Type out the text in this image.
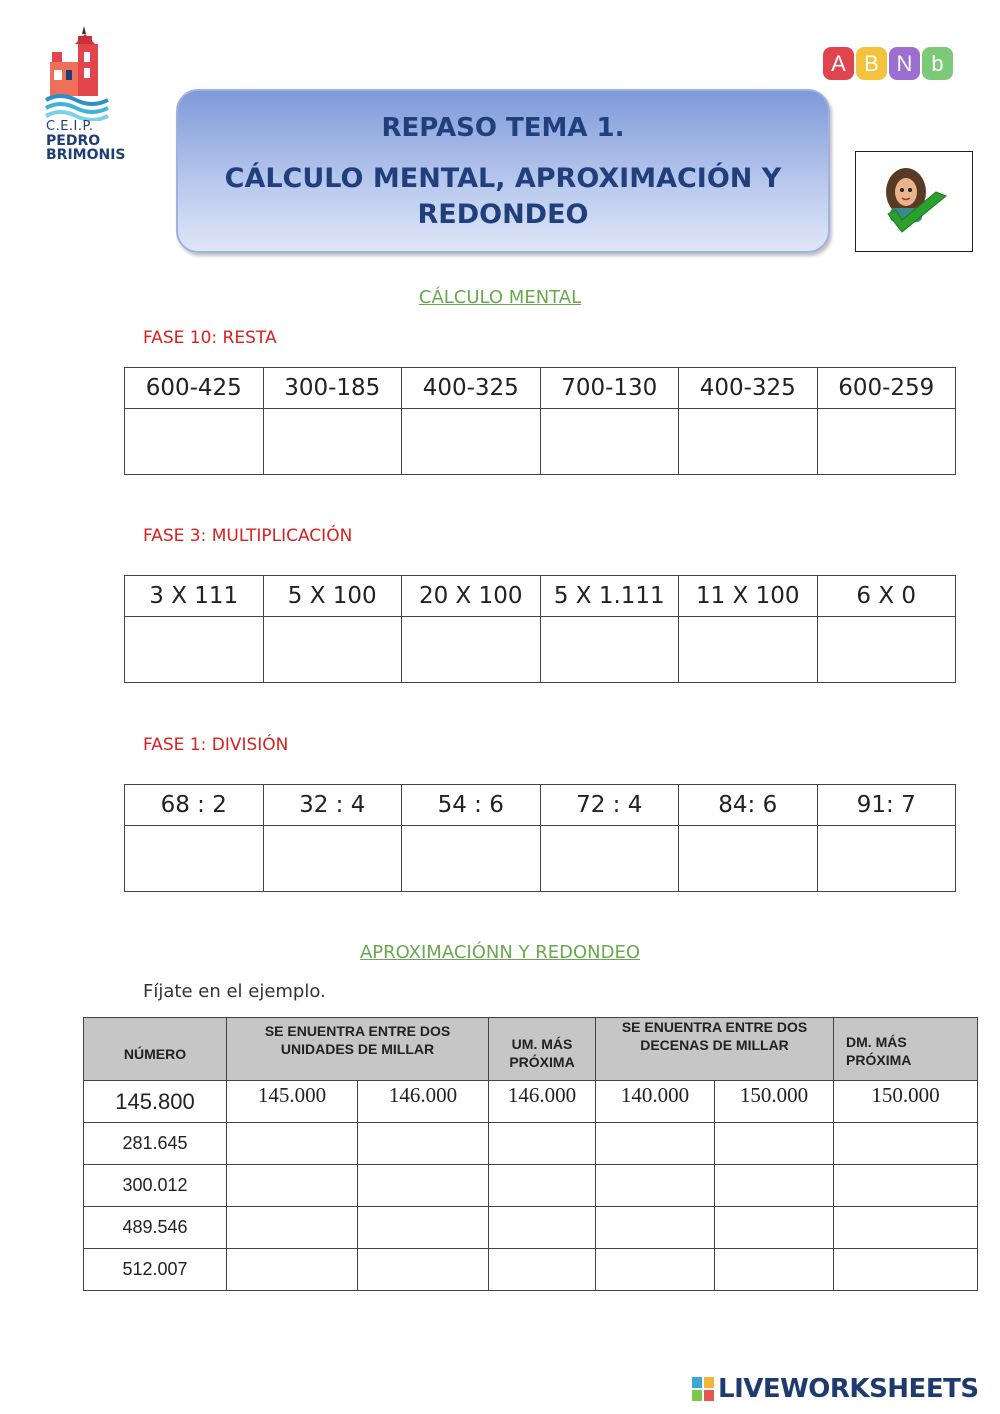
C.E.I.P.
PEDRO
BRIMONIS
A B N b
REPASO TEMA 1.
CÁLCULO MENTAL, APROXIMACIÓN Y REDONDEO
CÁLCULO MENTAL
FASE 10: RESTA
600-425	300-185	400-325	700-130	400-325	600-259

FASE 3: MULTIPLICACIÓN
3 X 111	5 X 100	20 X 100	5 X 1.111	11 X 100	6 X 0

FASE 1: DIVISIÓN
68 : 2	32 : 4	54 : 6	72 : 4	84: 6	91: 7

APROXIMACIÓNN Y REDONDEO
Fíjate en el ejemplo.
NÚMERO	SE ENUENTRA ENTRE DOS UNIDADES DE MILLAR		UM. MÁS PRÓXIMA	SE ENUENTRA ENTRE DOS DECENAS DE MILLAR		DM. MÁS PRÓXIMA
145.800	145.000	146.000	146.000	140.000	150.000	150.000
281.645						
300.012						
489.546						
512.007						
LIVEWORKSHEETS
